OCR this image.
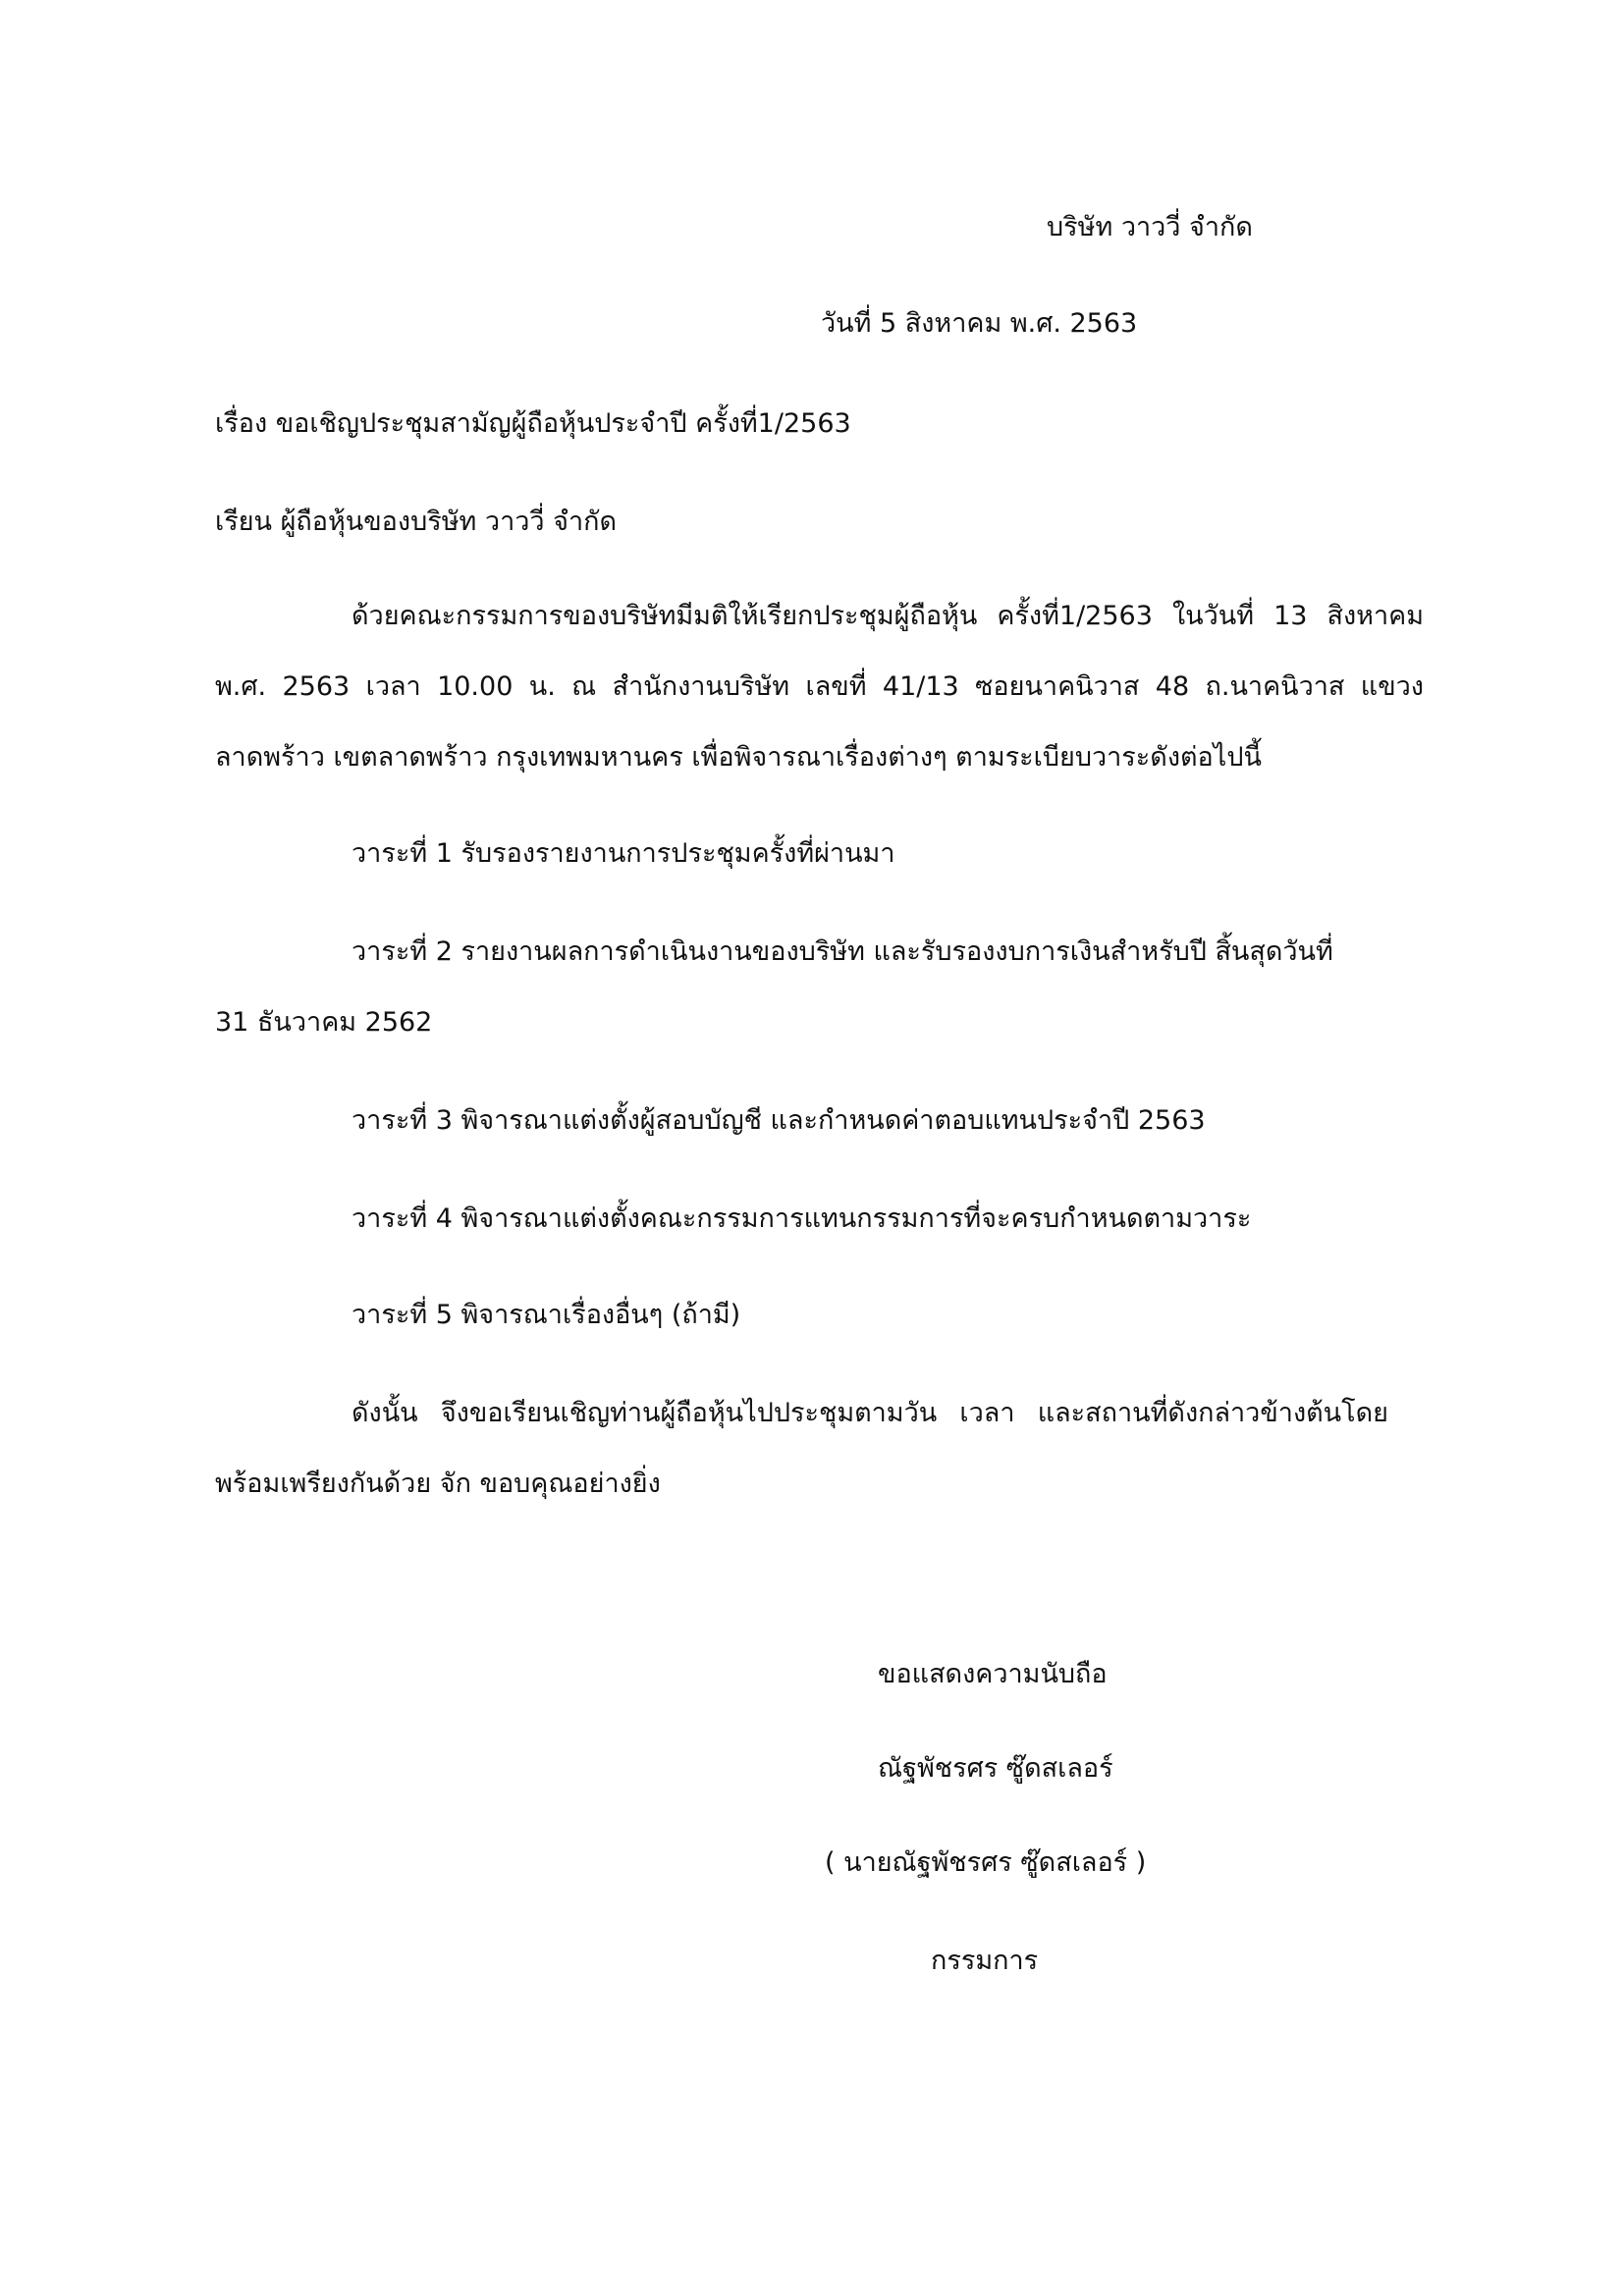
บริษัท วาววี่ จำกัด
วันที่ 5 สิงหาคม พ.ศ. 2563
เรื่อง ขอเชิญประชุมสามัญผู้ถือหุ้นประจำปี ครั้งที่1/2563
เรียน ผู้ถือหุ้นของบริษัท วาววี่ จำกัด
ด้วยคณะกรรมการของบริษัทมีมติให้เรียกประชุมผู้ถือหุ้น ครั้งที่1/2563 ในวันที่ 13 สิงหาคม
พ.ศ. 2563 เวลา 10.00 น. ณ สำนักงานบริษัท เลขที่ 41/13 ซอยนาคนิวาส 48 ถ.นาคนิวาส แขวง
ลาดพร้าว เขตลาดพร้าว กรุงเทพมหานคร เพื่อพิจารณาเรื่องต่างๆ ตามระเบียบวาระดังต่อไปนี้
วาระที่ 1 รับรองรายงานการประชุมครั้งที่ผ่านมา
วาระที่ 2 รายงานผลการดำเนินงานของบริษัท และรับรองงบการเงินสำหรับปี สิ้นสุดวันที่
31 ธันวาคม 2562
วาระที่ 3 พิจารณาแต่งตั้งผู้สอบบัญชี และกำหนดค่าตอบแทนประจำปี 2563
วาระที่ 4 พิจารณาแต่งตั้งคณะกรรมการแทนกรรมการที่จะครบกำหนดตามวาระ
วาระที่ 5 พิจารณาเรื่องอื่นๆ (ถ้ามี)
ดังนั้น จึงขอเรียนเชิญท่านผู้ถือหุ้นไปประชุมตามวัน เวลา และสถานที่ดังกล่าวข้างต้นโดย
พร้อมเพรียงกันด้วย จัก ขอบคุณอย่างยิ่ง
ขอแสดงความนับถือ
ณัฐพัชรศร ซู๊ดสเลอร์
( นายณัฐพัชรศร ซู๊ดสเลอร์ )
กรรมการ
